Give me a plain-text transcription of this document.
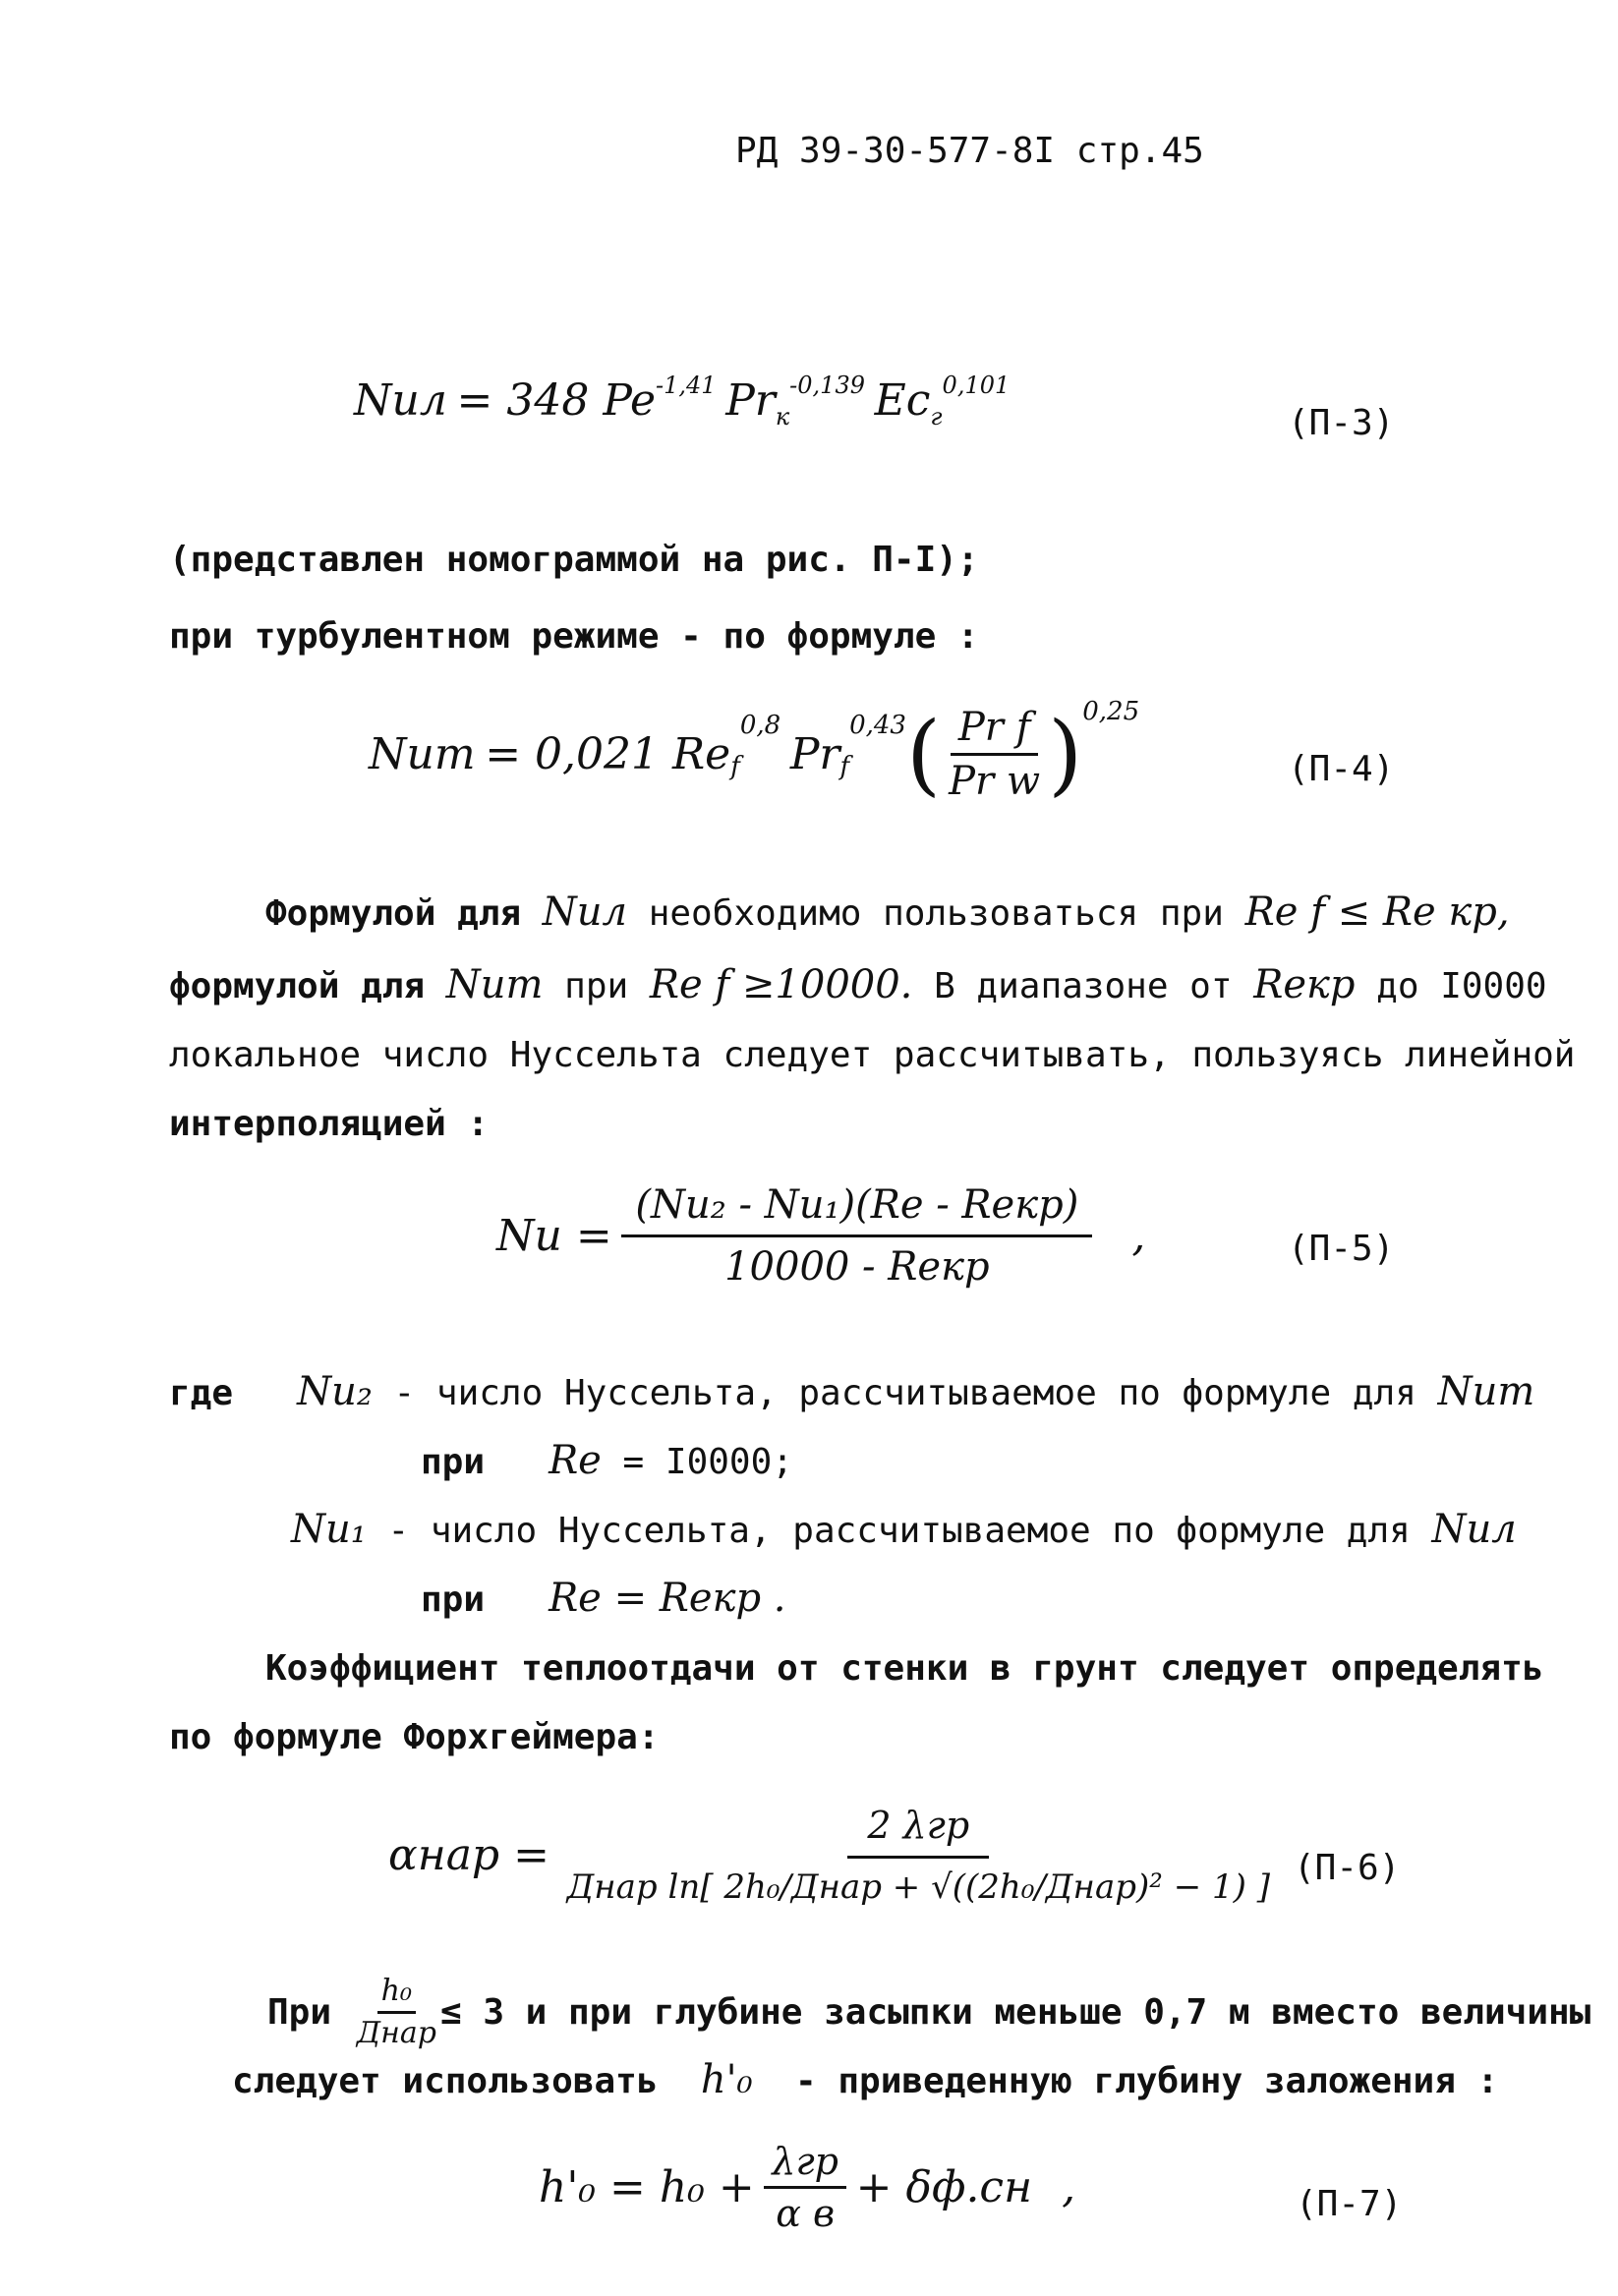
РД 39-30-577-8I стр.45
Nuл = 348 Pe-1,41 Prк-0,139 Ecг0,101
(П-3)
(представлен номограммой на рис. П-I);
при турбулентном режиме - по формуле :
Nuт
= 0,021 Re f
0,8

Pr f
0,43 ( $\frac{\text{Pr f}}{\text{Pr w}}$ ) 0,25
(П-4)
Формулой для Nuл необходимо пользоваться при Re f ≤ Re кр,
формулой для Nuт при Re f ≥10000. В диапазоне от Reкр до I0000
локальное число Нуссельта следует рассчитывать, пользуясь линейной
интерполяцией :
Nu =
$\frac{\text{(Nu₂ - Nu₁)(Re - Reкр)}}{\text{10000 - Reкр}}$ ,	(П-5)
где Nu₂ - число Нуссельта, рассчитываемое по формуле для Nuт
при Re = I0000;
Nu₁ - число Нуссельта, рассчитываемое по формуле для Nuл
при Re = Reкр .
Коэффициент теплоотдачи от стенки в грунт следует определять
по формуле Форхгеймера:
αнар =
$\frac{\text{2 λгр}}{\text{Днар ln[ 2h₀/Днар + √((2h₀/Днар)² − 1) ]}} (П-6)$
При
$\frac{\text{h₀}}{\text{Днар}} \le 3$ и при глубине засыпки меньше 0,7 м вместо величины
следует использовать h'₀ - приведенную глубину заложения :
h'₀ = h₀ +
$\frac{\text{λгр}}{\text{α в}}$
+ δф.сн ,	(П-7)
